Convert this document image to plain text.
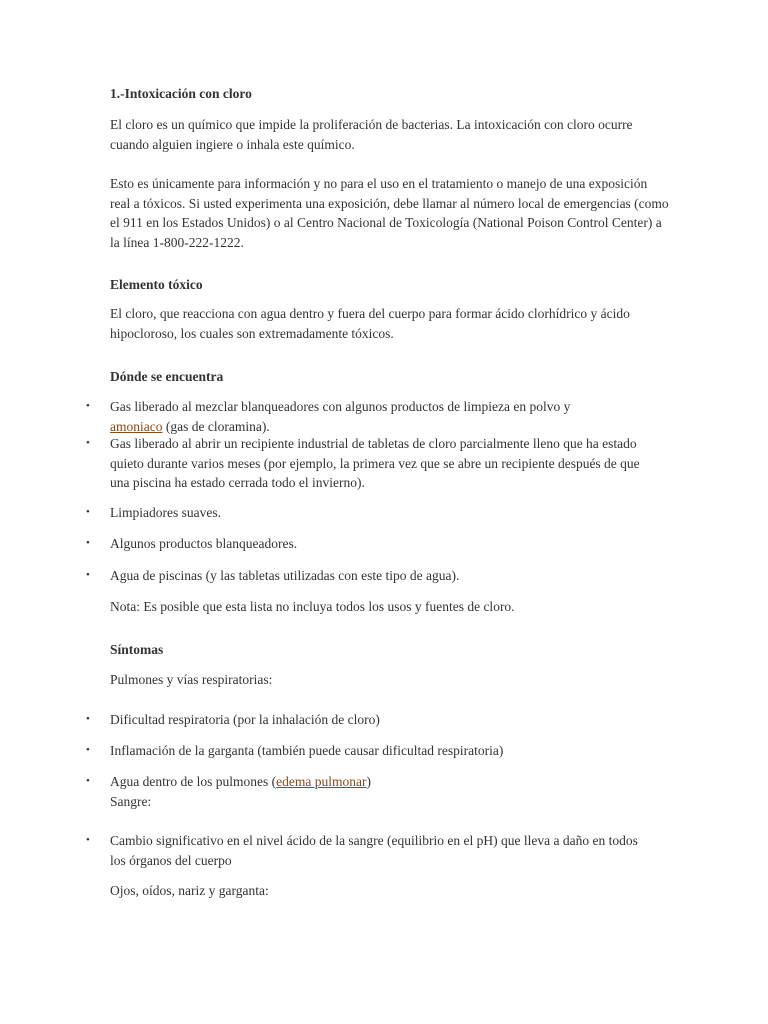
1.-Intoxicación con cloro

El cloro es un químico que impide la proliferación de bacterias. La intoxicación con cloro ocurre cuando alguien ingiere o inhala este químico.

Esto es únicamente para información y no para el uso en el tratamiento o manejo de una exposición real a tóxicos. Si usted experimenta una exposición, debe llamar al número local de emergencias (como el 911 en los Estados Unidos) o al Centro Nacional de Toxicología (National Poison Control Center) a la línea 1-800-222-1222.

Elemento tóxico

El cloro, que reacciona con agua dentro y fuera del cuerpo para formar ácido clorhídrico y ácido hipocloroso, los cuales son extremadamente tóxicos.

Dónde se encuentra
• Gas liberado al mezclar blanqueadores con algunos productos de limpieza en polvo y amoniaco (gas de cloramina).

• Gas liberado al abrir un recipiente industrial de tabletas de cloro parcialmente lleno que ha estado quieto durante varios meses (por ejemplo, la primera vez que se abre un recipiente después de que una piscina ha estado cerrada todo el invierno).

• Limpiadores suaves.

• Algunos productos blanqueadores.

• Agua de piscinas (y las tabletas utilizadas con este tipo de agua).

Nota: Es posible que esta lista no incluya todos los usos y fuentes de cloro.

Síntomas

Pulmones y vías respiratorias:

• Dificultad respiratoria (por la inhalación de cloro)

• Inflamación de la garganta (también puede causar dificultad respiratoria)

• Agua dentro de los pulmones (edema pulmonar)

Sangre:

• Cambio significativo en el nivel ácido de la sangre (equilibrio en el pH) que lleva a daño en todos los órganos del cuerpo

Ojos, oídos, nariz y garganta:
